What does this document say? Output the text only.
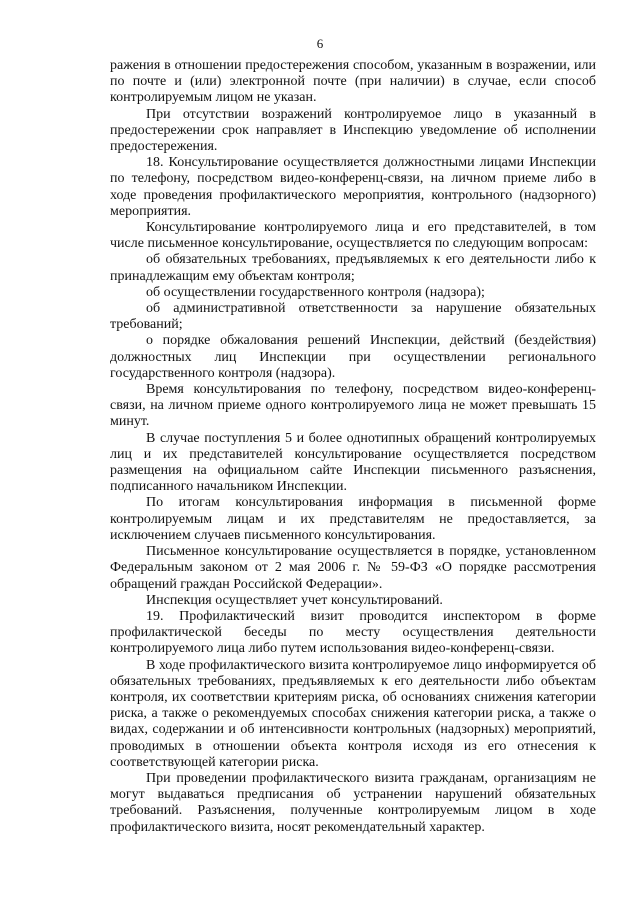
6

ражения в отношении предостережения способом, указанным в возражении, или по почте и (или) электронной почте (при наличии) в случае, если способ контролируемым лицом не указан.

При отсутствии возражений контролируемое лицо в указанный в предостережении срок направляет в Инспекцию уведомление об исполнении предостережения.

18. Консультирование осуществляется должностными лицами Инспекции по телефону, посредством видео-конференц-связи, на личном приеме либо в ходе проведения профилактического мероприятия, контрольного (надзорного) мероприятия.

Консультирование контролируемого лица и его представителей, в том числе письменное консультирование, осуществляется по следующим вопросам:

об обязательных требованиях, предъявляемых к его деятельности либо к принадлежащим ему объектам контроля;

об осуществлении государственного контроля (надзора);

об административной ответственности за нарушение обязательных требований;

о порядке обжалования решений Инспекции, действий (бездействия) должностных лиц Инспекции при осуществлении регионального государственного контроля (надзора).

Время консультирования по телефону, посредством видео-конференц-связи, на личном приеме одного контролируемого лица не может превышать 15 минут.

В случае поступления 5 и более однотипных обращений контролируемых лиц и их представителей консультирование осуществляется посредством размещения на официальном сайте Инспекции письменного разъяснения, подписанного начальником Инспекции.

По итогам консультирования информация в письменной форме контролируемым лицам и их представителям не предоставляется, за исключением случаев письменного консультирования.

Письменное консультирование осуществляется в порядке, установленном Федеральным законом от 2 мая 2006 г. № 59-ФЗ «О порядке рассмотрения обращений граждан Российской Федерации».

Инспекция осуществляет учет консультирований.

19. Профилактический визит проводится инспектором в форме профилактической беседы по месту осуществления деятельности контролируемого лица либо путем использования видео-конференц-связи.

В ходе профилактического визита контролируемое лицо информируется об обязательных требованиях, предъявляемых к его деятельности либо объектам контроля, их соответствии критериям риска, об основаниях снижения категории риска, а также о рекомендуемых способах снижения категории риска, а также о видах, содержании и об интенсивности контрольных (надзорных) мероприятий, проводимых в отношении объекта контроля исходя из его отнесения к соответствующей категории риска.

При проведении профилактического визита гражданам, организациям не могут выдаваться предписания об устранении нарушений обязательных требований. Разъяснения, полученные контролируемым лицом в ходе профилактического визита, носят рекомендательный характер.
